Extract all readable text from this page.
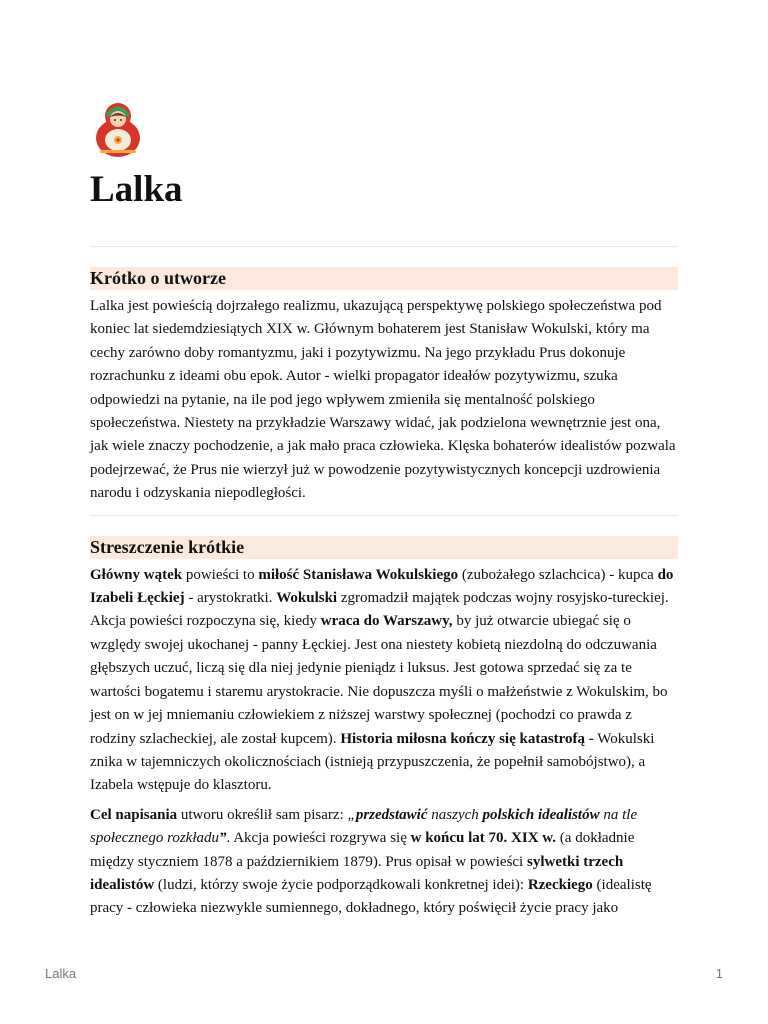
Lalka
Krótko o utworze

Lalka jest powieścią dojrzałego realizmu, ukazującą perspektywę polskiego społeczeństwa pod koniec lat siedemdziesiątych XIX w. Głównym bohaterem jest Stanisław Wokulski, który ma cechy zarówno doby romantyzmu, jaki i pozytywizmu. Na jego przykładu Prus dokonuje rozrachunku z ideami obu epok. Autor - wielki propagator ideałów pozytywizmu, szuka odpowiedzi na pytanie, na ile pod jego wpływem zmieniła się mentalność polskiego społeczeństwa. Niestety na przykładzie Warszawy widać, jak podzielona wewnętrznie jest ona, jak wiele znaczy pochodzenie, a jak mało praca człowieka. Klęska bohaterów idealistów pozwala podejrzewać, że Prus nie wierzył już w powodzenie pozytywistycznych koncepcji uzdrowienia narodu i odzyskania niepodległości.

Streszczenie krótkie

Główny wątek powieści to miłość Stanisława Wokulskiego (zubożałego szlachcica) - kupca do Izabeli Łęckiej - arystokratki. Wokulski zgromadził majątek podczas wojny rosyjsko-tureckiej. Akcja powieści rozpoczyna się, kiedy wraca do Warszawy, by już otwarcie ubiegać się o względy swojej ukochanej - panny Łęckiej. Jest ona niestety kobietą niezdolną do odczuwania głębszych uczuć, liczą się dla niej jedynie pieniądz i luksus. Jest gotowa sprzedać się za te wartości bogatemu i staremu arystokracie. Nie dopuszcza myśli o małżeństwie z Wokulskim, bo jest on w jej mniemaniu człowiekiem z niższej warstwy społecznej (pochodzi co prawda z rodziny szlacheckiej, ale został kupcem). Historia miłosna kończy się katastrofą - Wokulski znika w tajemniczych okolicznościach (istnieją przypuszczenia, że popełnił samobójstwo), a Izabela wstępuje do klasztoru.

Cel napisania utworu określił sam pisarz: „przedstawić naszych polskich idealistów na tle społecznego rozkładu”. Akcja powieści rozgrywa się w końcu lat 70. XIX w. (a dokładnie między styczniem 1878 a październikiem 1879). Prus opisał w powieści sylwetki trzech idealistów (ludzi, którzy swoje życie podporządkowali konkretnej idei): Rzeckiego (idealistę pracy - człowieka niezwykle sumiennego, dokładnego, który poświęcił życie pracy jako

Lalka	1
